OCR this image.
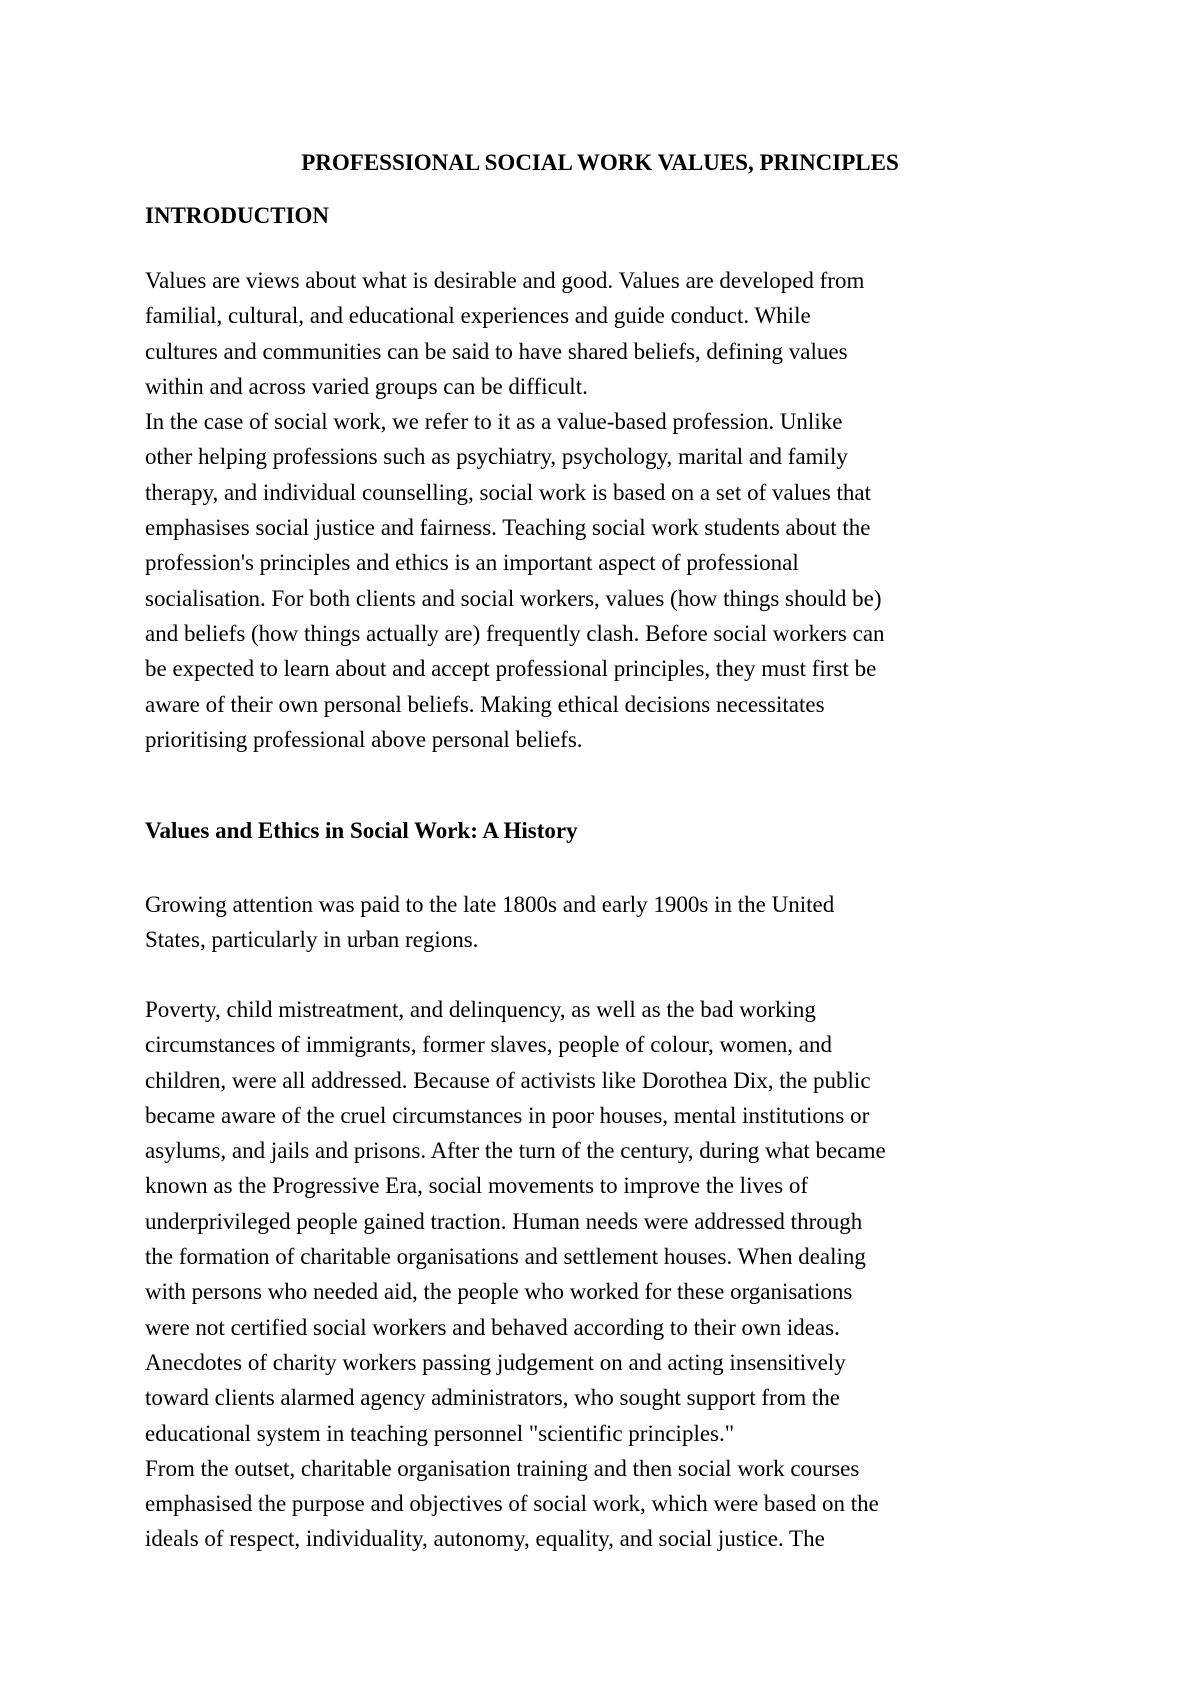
PROFESSIONAL SOCIAL WORK VALUES, PRINCIPLES
INTRODUCTION
Values are views about what is desirable and good. Values are developed from
familial, cultural, and educational experiences and guide conduct. While
cultures and communities can be said to have shared beliefs, defining values
within and across varied groups can be difficult.
In the case of social work, we refer to it as a value-based profession. Unlike
other helping professions such as psychiatry, psychology, marital and family
therapy, and individual counselling, social work is based on a set of values that
emphasises social justice and fairness. Teaching social work students about the
profession's principles and ethics is an important aspect of professional
socialisation. For both clients and social workers, values (how things should be)
and beliefs (how things actually are) frequently clash. Before social workers can
be expected to learn about and accept professional principles, they must first be
aware of their own personal beliefs. Making ethical decisions necessitates
prioritising professional above personal beliefs.
Values and Ethics in Social Work: A History
Growing attention was paid to the late 1800s and early 1900s in the United
States, particularly in urban regions.
Poverty, child mistreatment, and delinquency, as well as the bad working
circumstances of immigrants, former slaves, people of colour, women, and
children, were all addressed. Because of activists like Dorothea Dix, the public
became aware of the cruel circumstances in poor houses, mental institutions or
asylums, and jails and prisons. After the turn of the century, during what became
known as the Progressive Era, social movements to improve the lives of
underprivileged people gained traction. Human needs were addressed through
the formation of charitable organisations and settlement houses. When dealing
with persons who needed aid, the people who worked for these organisations
were not certified social workers and behaved according to their own ideas.
Anecdotes of charity workers passing judgement on and acting insensitively
toward clients alarmed agency administrators, who sought support from the
educational system in teaching personnel "scientific principles."
From the outset, charitable organisation training and then social work courses
emphasised the purpose and objectives of social work, which were based on the
ideals of respect, individuality, autonomy, equality, and social justice. The
